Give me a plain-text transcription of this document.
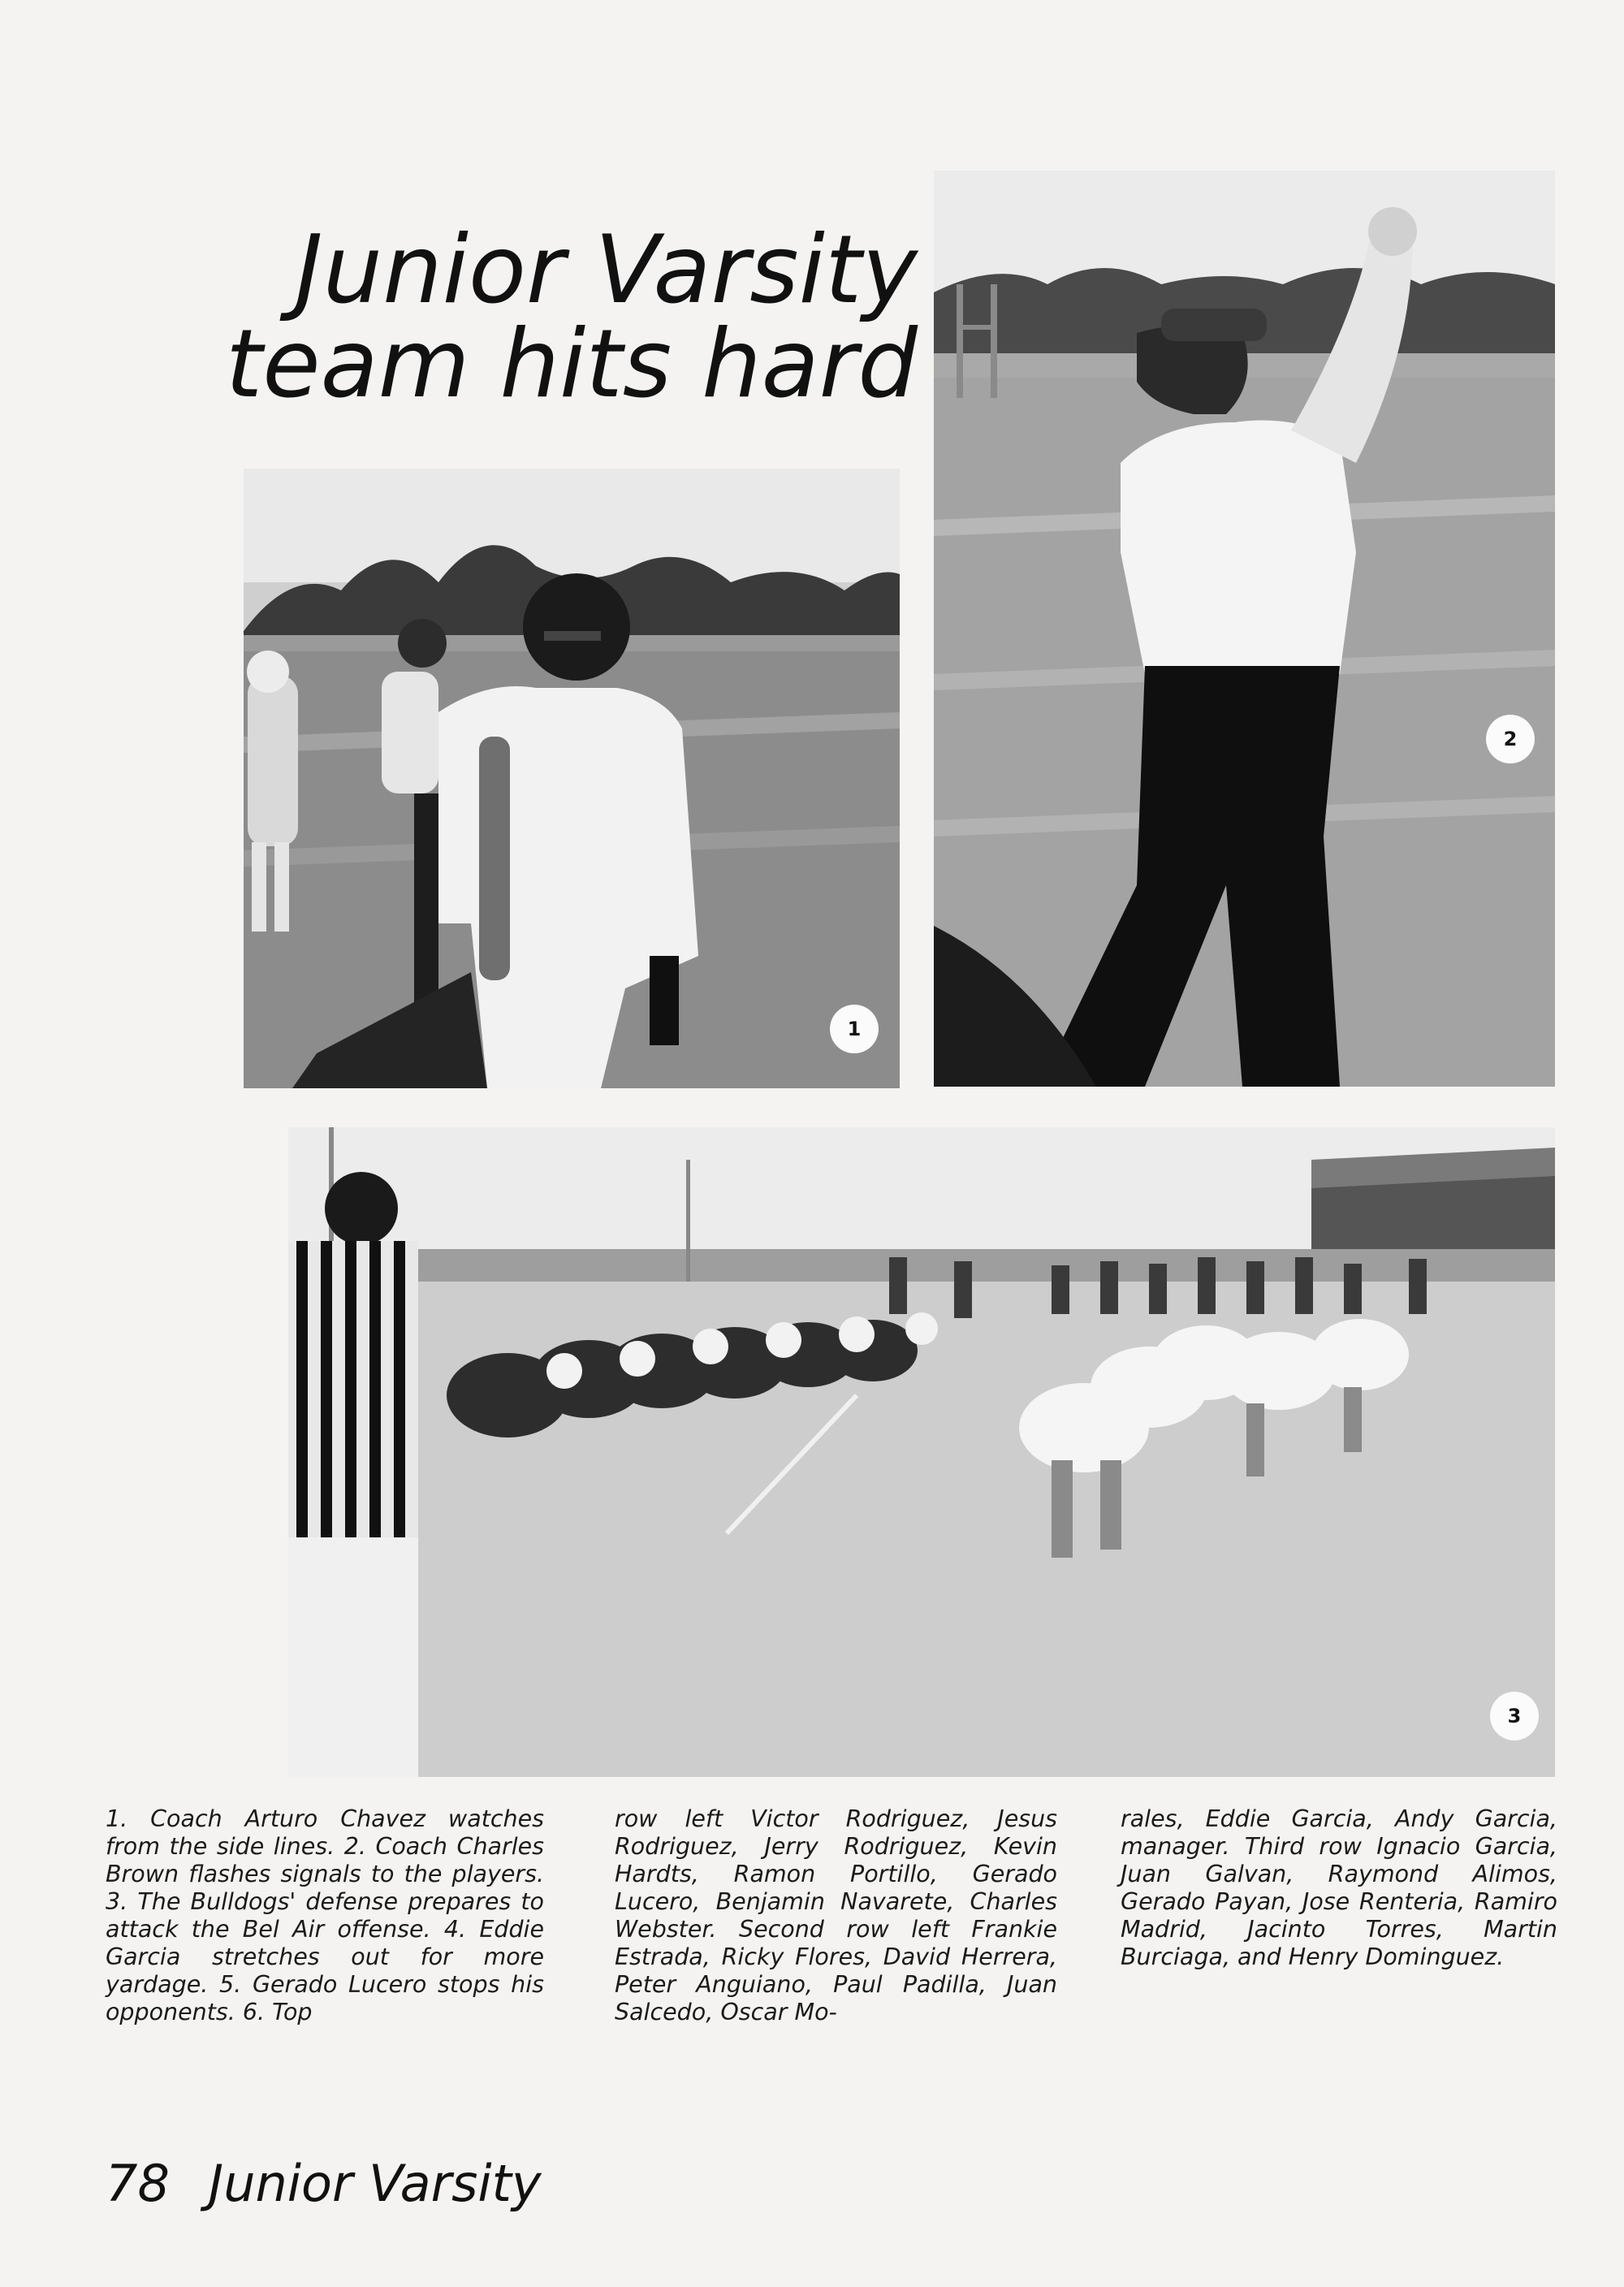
Junior Varsity
team hits hard
1
2
3

1. Coach Arturo Chavez watches from the side lines. 2. Coach Charles Brown flashes signals to the players. 3. The Bulldogs' defense prepares to attack the Bel Air offense. 4. Eddie Garcia stretches out for more yardage. 5. Gerado Lucero stops his opponents. 6. Top

row left Victor Rodriguez, Jesus Rodriguez, Jerry Rodriguez, Kevin Hardts, Ramon Portillo, Gerado Lucero, Benjamin Navarete, Charles Webster. Second row left Frankie Estrada, Ricky Flores, David Herrera, Peter Anguiano, Paul Padilla, Juan Salcedo, Oscar Mo-

rales, Eddie Garcia, Andy Garcia, manager. Third row Ignacio Garcia, Juan Galvan, Raymond Alimos, Gerado Payan, Jose Renteria, Ramiro Madrid, Jacinto Torres, Martin Burciaga, and Henry Dominguez.

78 Junior Varsity
